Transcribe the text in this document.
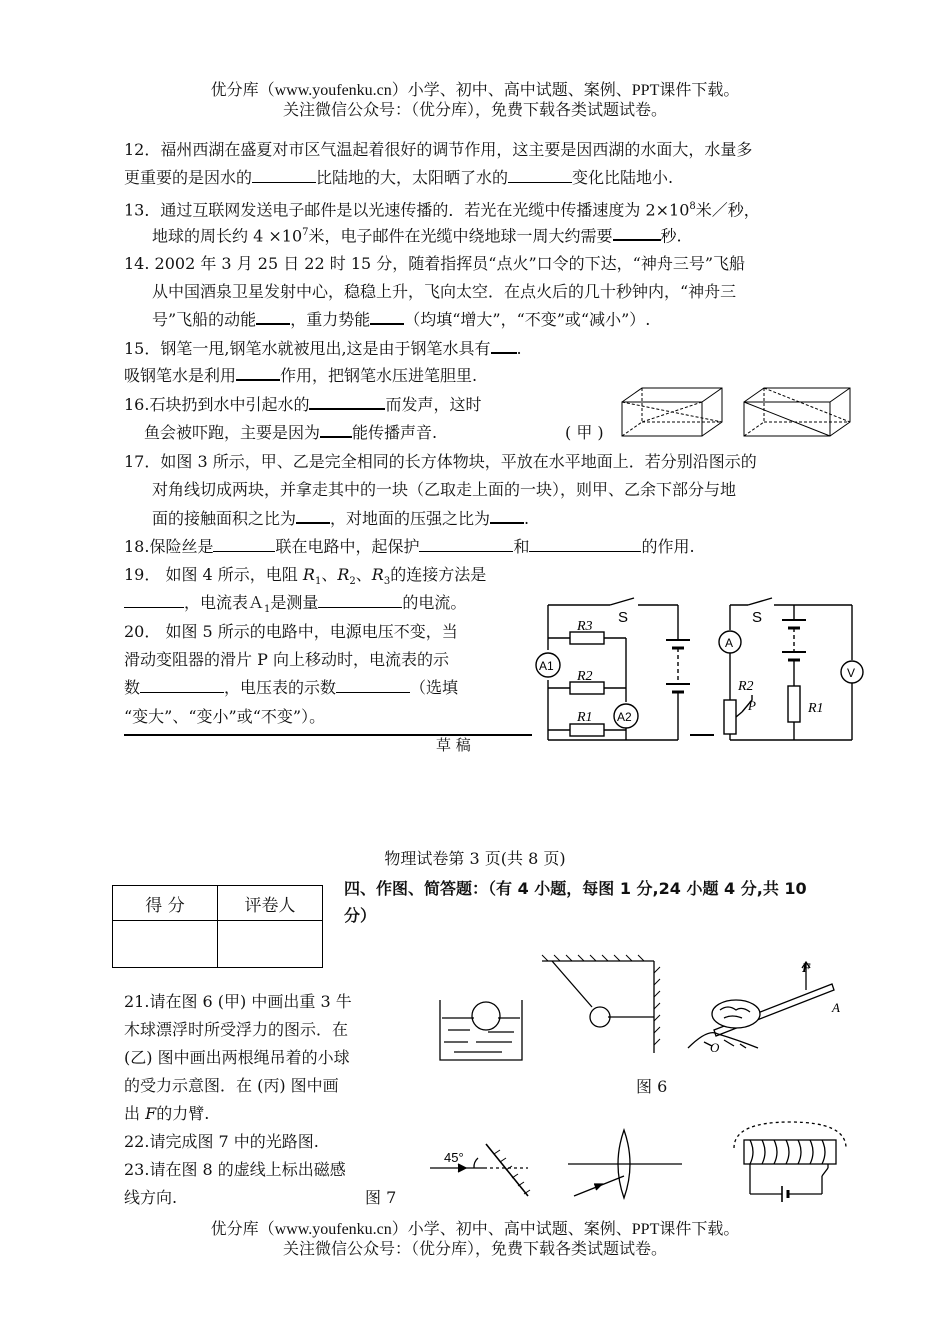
优分库（www.youfenku.cn）小学、初中、高中试题、案例、PPT课件下载。
关注微信公众号：（优分库），免费下载各类试题试卷。
12．福州西湖在盛夏对市区气温起着很好的调节作用，这主要是因西湖的水面大，水量多
更重要的是因水的	比陆地的大，太阳晒了水的	变化比陆地小.
13．通过互联网发送电子邮件是以光速传播的．若光在光缆中传播速度为 $2\times 10^8$米／秒，
地球的周长约 $4 \times 10^7$米，电子邮件在光缆中绕地球一周大约需要	秒.
14. 2002 年 3 月 25 日 22 时 15 分，随着指挥员“点火”口令的下达，“神舟三号”飞船
从中国酒泉卫星发射中心，稳稳上升，飞向太空．在点火后的几十秒钟内，“神舟三
号”飞船的动能 ，重力势能 （均填“增大”，“不变”或“减小”）.
15．钢笔一甩,钢笔水就被甩出,这是由于钢笔水具有 .
吸钢笔水是利用	作用，把钢笔水压进笔胆里.
16.石块扔到水中引起水的	而发声，这时
鱼会被吓跑，主要是因为 能传播声音.	( 甲 )
17．如图 3 所示，甲、乙是完全相同的长方体物块，平放在水平地面上．若分别沿图示的
对角线切成两块，并拿走其中的一块（乙取走上面的一块），则甲、乙余下部分与地
面的接触面积之比为 ，对地面的压强之比为 .
18.保险丝是	联在电路中，起保护	和	的作用.
19． 如图 4 所示，电阻 $R_1$、$R_2$、$R_3$的连接方法是
，电流表Ａ$_1$是测量	的电流。
20． 如图 5 所示的电路中，电源电压不变，当
滑动变阻器的滑片 P 向上移动时，电流表的示
数	，电压表的示数	（选填
“变大”、“变小”或“不变”）。
草 稿
S
R3
R2
R1
A1
A2
S
A
V
R2
P	R1
物理试卷第 3 页(共 8 页)
得 分	评卷人

四、作图、简答题：（有 4 小题，每图 1 分,24 小题 4 分,共 10
分）
21.请在图 6 (甲) 中画出重 3 牛
木球漂浮时所受浮力的图示．在
(乙) 图中画出两根绳吊着的小球
的受力示意图．在 (丙) 图中画
出 F的力臂.
22.请完成图 7 中的光路图.
23.请在图 8 的虚线上标出磁感
线方向.	图 7
图 6
F
A
O
45°
优分库（www.youfenku.cn）小学、初中、高中试题、案例、PPT课件下载。
关注微信公众号：（优分库），免费下载各类试题试卷。
